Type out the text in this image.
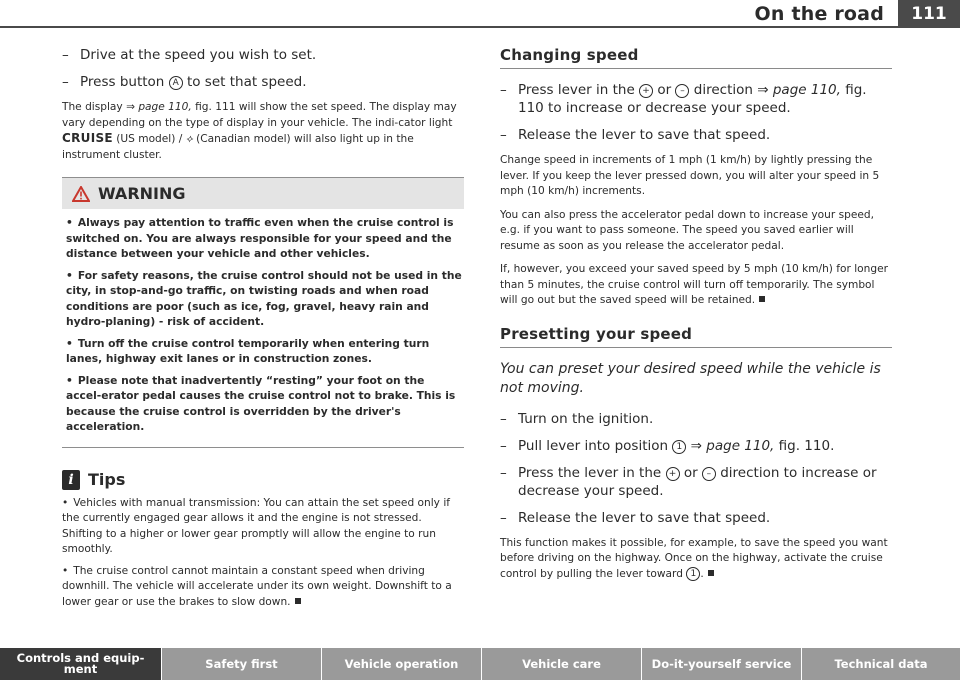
On the road	111
– Drive at the speed you wish to set.
– Press button A to set that speed.

The display ⇒ page 110, fig. 111 will show the set speed. The display may vary depending on the type of display in your vehicle. The indi-cator light CRUISE (US model) / ⟡ (Canadian model) will also light up in the instrument cluster.

WARNING

• Always pay attention to traffic even when the cruise control is switched on. You are always responsible for your speed and the distance between your vehicle and other vehicles.

• For safety reasons, the cruise control should not be used in the city, in stop-and-go traffic, on twisting roads and when road conditions are poor (such as ice, fog, gravel, heavy rain and hydro-planing) - risk of accident.

• Turn off the cruise control temporarily when entering turn lanes, highway exit lanes or in construction zones.

• Please note that inadvertently “resting” your foot on the accel-erator pedal causes the cruise control not to brake. This is because the cruise control is overridden by the driver's acceleration.

i Tips

• Vehicles with manual transmission: You can attain the set speed only if the currently engaged gear allows it and the engine is not stressed. Shifting to a higher or lower gear promptly will allow the engine to run smoothly.

• The cruise control cannot maintain a constant speed when driving downhill. The vehicle will accelerate under its own weight. Downshift to a lower gear or use the brakes to slow down.

Changing speed
– Press lever in the + or – direction ⇒ page 110, fig. 110 to increase or decrease your speed.
– Release the lever to save that speed.

Change speed in increments of 1 mph (1 km/h) by lightly pressing the lever. If you keep the lever pressed down, you will alter your speed in 5 mph (10 km/h) increments.

You can also press the accelerator pedal down to increase your speed, e.g. if you want to pass someone. The speed you saved earlier will resume as soon as you release the accelerator pedal.

If, however, you exceed your saved speed by 5 mph (10 km/h) for longer than 5 minutes, the cruise control will turn off temporarily. The symbol will go out but the saved speed will be retained.

Presetting your speed

You can preset your desired speed while the vehicle is not moving.

– Turn on the ignition.
– Pull lever into position 1 ⇒ page 110, fig. 110.
– Press the lever in the + or – direction to increase or decrease your speed.
– Release the lever to save that speed.

This function makes it possible, for example, to save the speed you want before driving on the highway. Once on the highway, activate the cruise control by pulling the lever toward 1 .

Controls and equip-ment	Safety first	Vehicle operation	Vehicle care	Do-it-yourself service	Technical data
